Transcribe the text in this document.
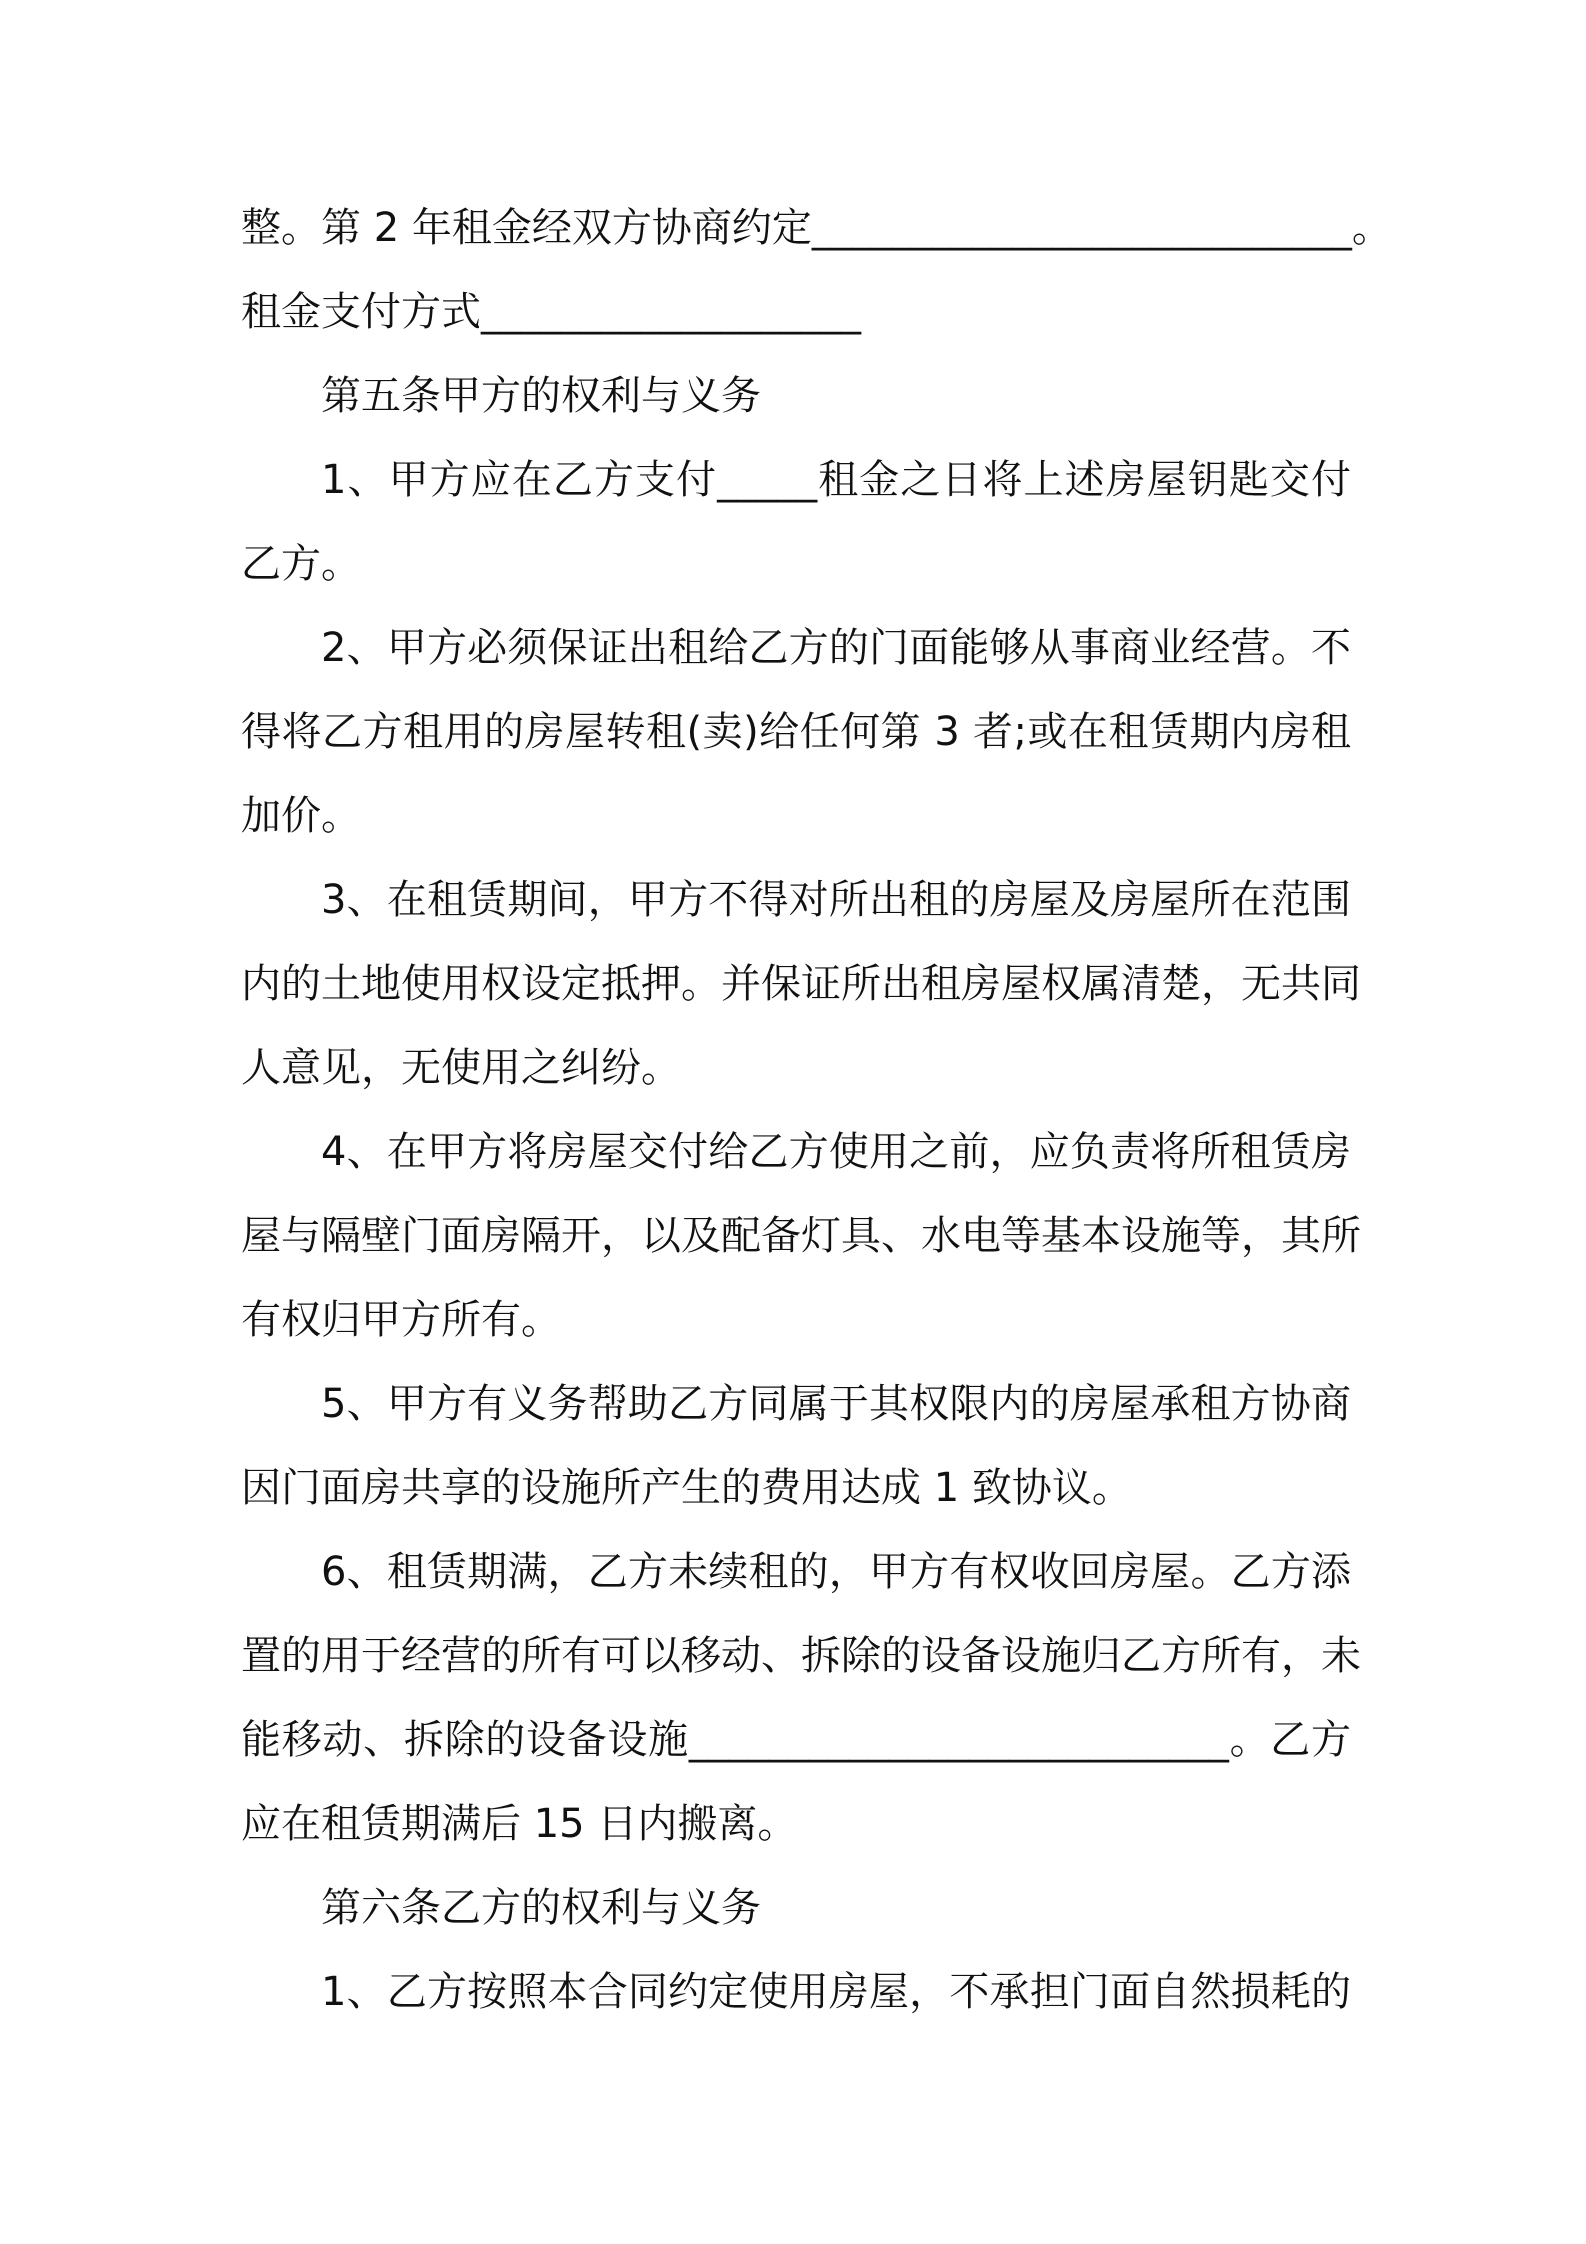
整。第 2 年租金经双方协商约定___________________________。
租金支付方式___________________
第五条甲方的权利与义务
1、甲方应在乙方支付_____租金之日将上述房屋钥匙交付
乙方。
2、甲方必须保证出租给乙方的门面能够从事商业经营。不
得将乙方租用的房屋转租(卖)给任何第 3 者;或在租赁期内房租
加价。
3、在租赁期间，甲方不得对所出租的房屋及房屋所在范围
内的土地使用权设定抵押。并保证所出租房屋权属清楚，无共同
人意见，无使用之纠纷。
4、在甲方将房屋交付给乙方使用之前，应负责将所租赁房
屋与隔壁门面房隔开，以及配备灯具、水电等基本设施等，其所
有权归甲方所有。
5、甲方有义务帮助乙方同属于其权限内的房屋承租方协商
因门面房共享的设施所产生的费用达成 1 致协议。
6、租赁期满，乙方未续租的，甲方有权收回房屋。乙方添
置的用于经营的所有可以移动、拆除的设备设施归乙方所有，未
能移动、拆除的设备设施___________________________。乙方
应在租赁期满后 15 日内搬离。
第六条乙方的权利与义务
1、乙方按照本合同约定使用房屋，不承担门面自然损耗的
